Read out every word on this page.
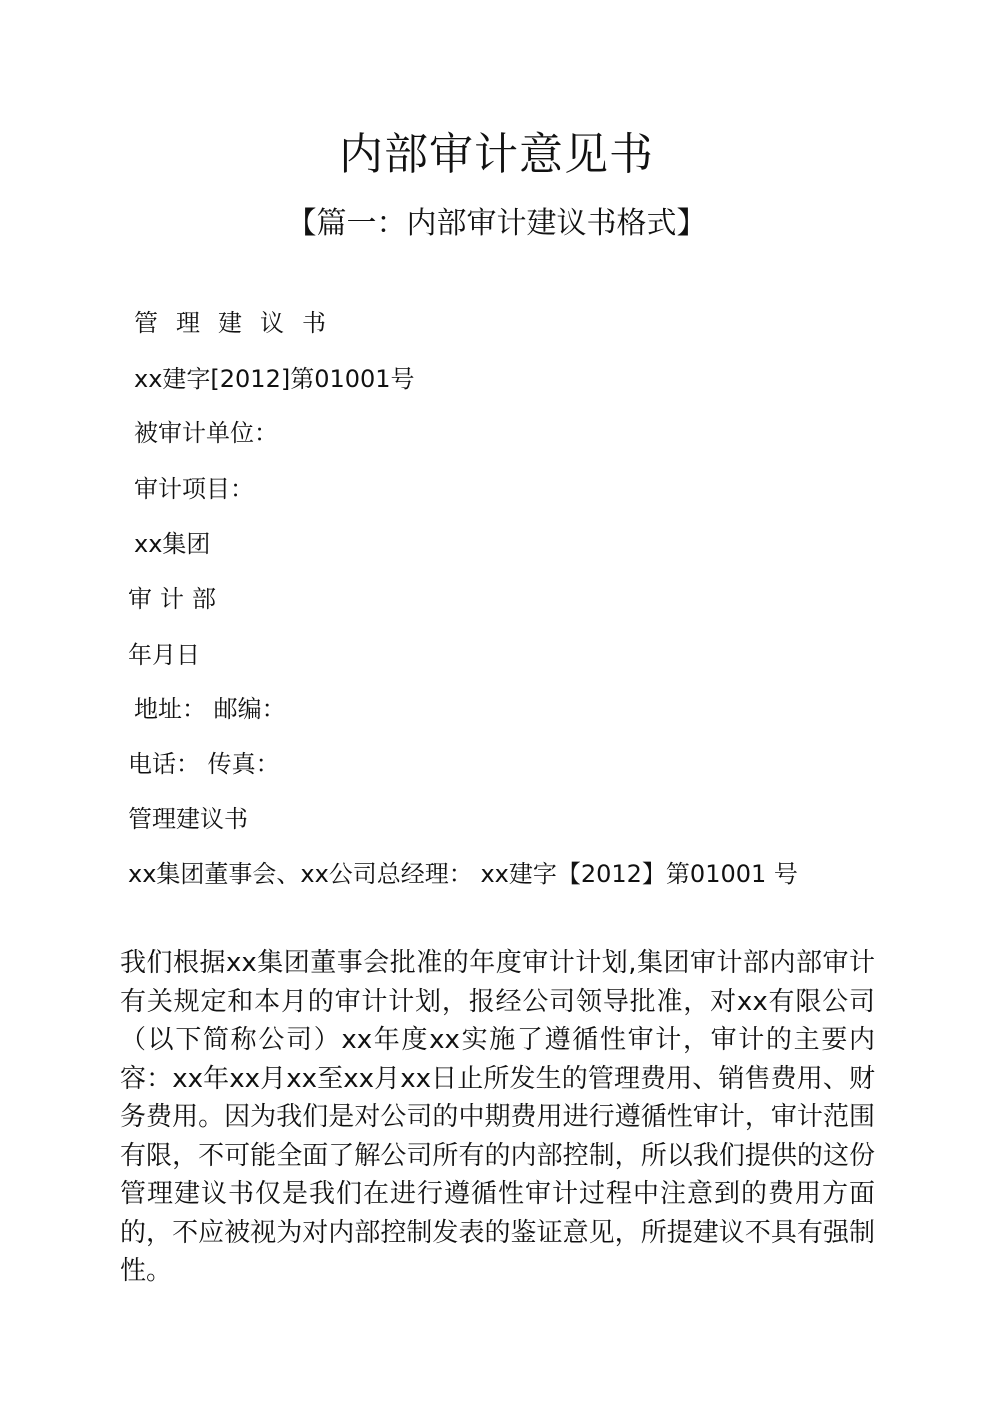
内部审计意见书
【篇一：内部审计建议书格式】
管理建议书
xx建字[2012]第01001号
被审计单位：
审计项目：
xx集团
审计部
年月日
地址： 邮编：
电话： 传真：
管理建议书
xx集团董事会、xx公司总经理： xx建字【2012】第01001 号

我们根据xx集团董事会批准的年度审计计划,集团审计部内部审计有关规定和本月的审计计划，报经公司领导批准，对xx有限公司（以下简称公司）xx年度xx实施了遵循性审计，审计的主要内容：xx年xx月xx至xx月xx日止所发生的管理费用、销售费用、财务费用。因为我们是对公司的中期费用进行遵循性审计，审计范围有限，不可能全面了解公司所有的内部控制，所以我们提供的这份管理建议书仅是我们在进行遵循性审计过程中注意到的费用方面的，不应被视为对内部控制发表的鉴证意见，所提建议不具有强制性。
